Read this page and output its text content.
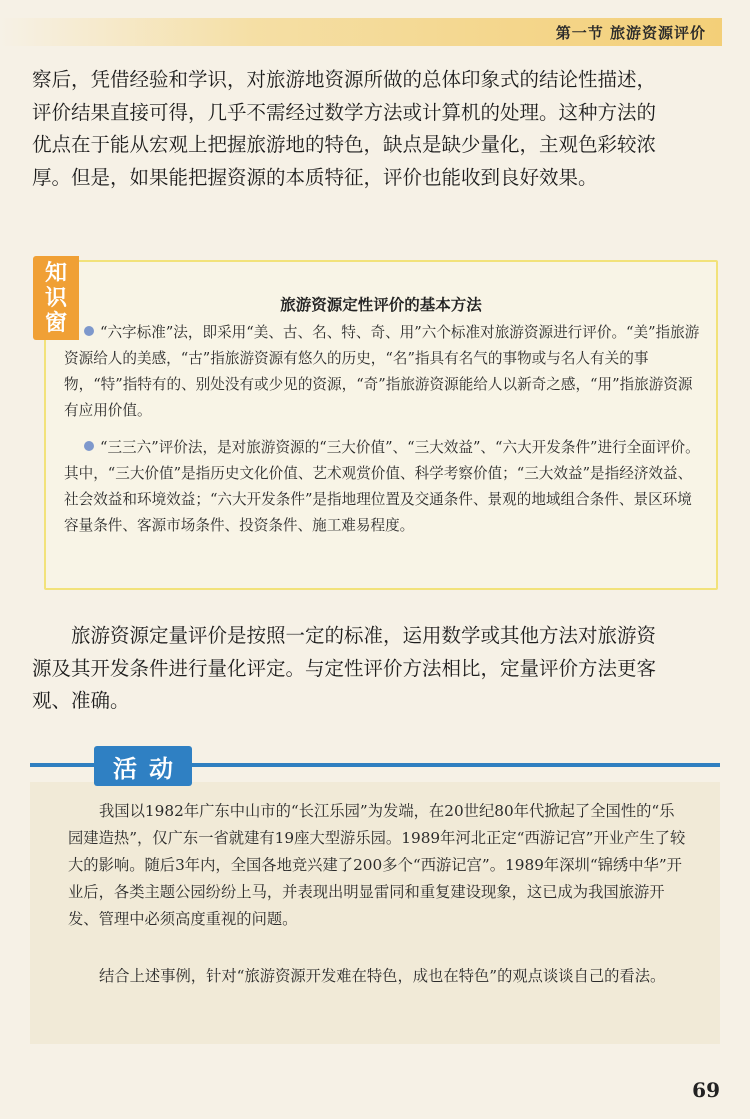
第一节 旅游资源评价

察后，凭借经验和学识，对旅游地资源所做的总体印象式的结论性描述，评价结果直接可得，几乎不需经过数学方法或计算机的处理。这种方法的优点在于能从宏观上把握旅游地的特色，缺点是缺少量化，主观色彩较浓厚。但是，如果能把握资源的本质特征，评价也能收到良好效果。

知
识
窗
旅游资源定性评价的基本方法

“六字标准”法，即采用“美、古、名、特、奇、用”六个标准对旅游资源进行评价。“美”指旅游资源给人的美感，“古”指旅游资源有悠久的历史，“名”指具有名气的事物或与名人有关的事物，“特”指特有的、别处没有或少见的资源，“奇”指旅游资源能给人以新奇之感，“用”指旅游资源有应用价值。

“三三六”评价法，是对旅游资源的“三大价值”、“三大效益”、“六大开发条件”进行全面评价。其中，“三大价值”是指历史文化价值、艺术观赏价值、科学考察价值；“三大效益”是指经济效益、社会效益和环境效益；“六大开发条件”是指地理位置及交通条件、景观的地域组合条件、景区环境容量条件、客源市场条件、投资条件、施工难易程度。

旅游资源定量评价是按照一定的标准，运用数学或其他方法对旅游资源及其开发条件进行量化评定。与定性评价方法相比，定量评价方法更客观、准确。

活动

我国以1982年广东中山市的“长江乐园”为发端，在20世纪80年代掀起了全国性的“乐园建造热”，仅广东一省就建有19座大型游乐园。1989年河北正定“西游记宫”开业产生了较大的影响。随后3年内，全国各地竞兴建了200多个“西游记宫”。1989年深圳“锦绣中华”开业后，各类主题公园纷纷上马，并表现出明显雷同和重复建设现象，这已成为我国旅游开发、管理中必须高度重视的问题。

结合上述事例，针对“旅游资源开发难在特色，成也在特色”的观点谈谈自己的看法。

69
